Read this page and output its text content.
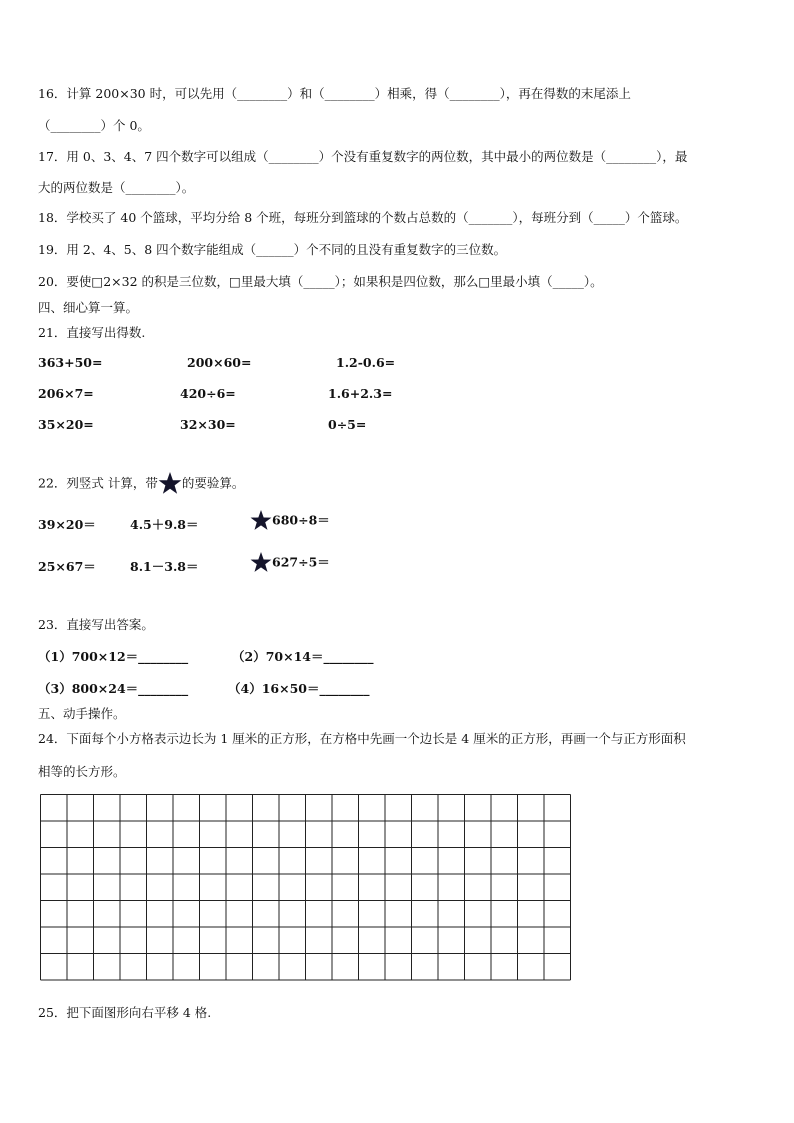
16．计算 200×30 时，可以先用（________）和（________）相乘，得（________），再在得数的末尾添上
（________）个 0。
17．用 0、3、4、7 四个数字可以组成（________）个没有重复数字的两位数，其中最小的两位数是（________），最
大的两位数是（________）。
18．学校买了 40 个篮球，平均分给 8 个班，每班分到篮球的个数占总数的（_______），每班分到（_____）个篮球。
19．用 2、4、5、8 四个数字能组成（______）个不同的且没有重复数字的三位数。
20．要使□2×32 的积是三位数，□里最大填（_____）；如果积是四位数，那么□里最小填（_____）。
四、细心算一算。
21．直接写出得数.
363+50=	200×60=	1.2-0.6=
206×7=	420÷6=	1.6+2.3=
35×20=	32×30=	0÷5=
22．列竖式 计算，带 的要验算。
39×20＝	4.5＋9.8＝	680÷8＝
25×67＝	8.1－3.8＝	627÷5＝
23．直接写出答案。
（1）700×12＝________	（2）70×14＝________
（3）800×24＝________	（4）16×50＝________
五、动手操作。
24．下面每个小方格表示边长为 1 厘米的正方形，在方格中先画一个边长是 4 厘米的正方形，再画一个与正方形面积
相等的长方形。
25．把下面图形向右平移 4 格.
